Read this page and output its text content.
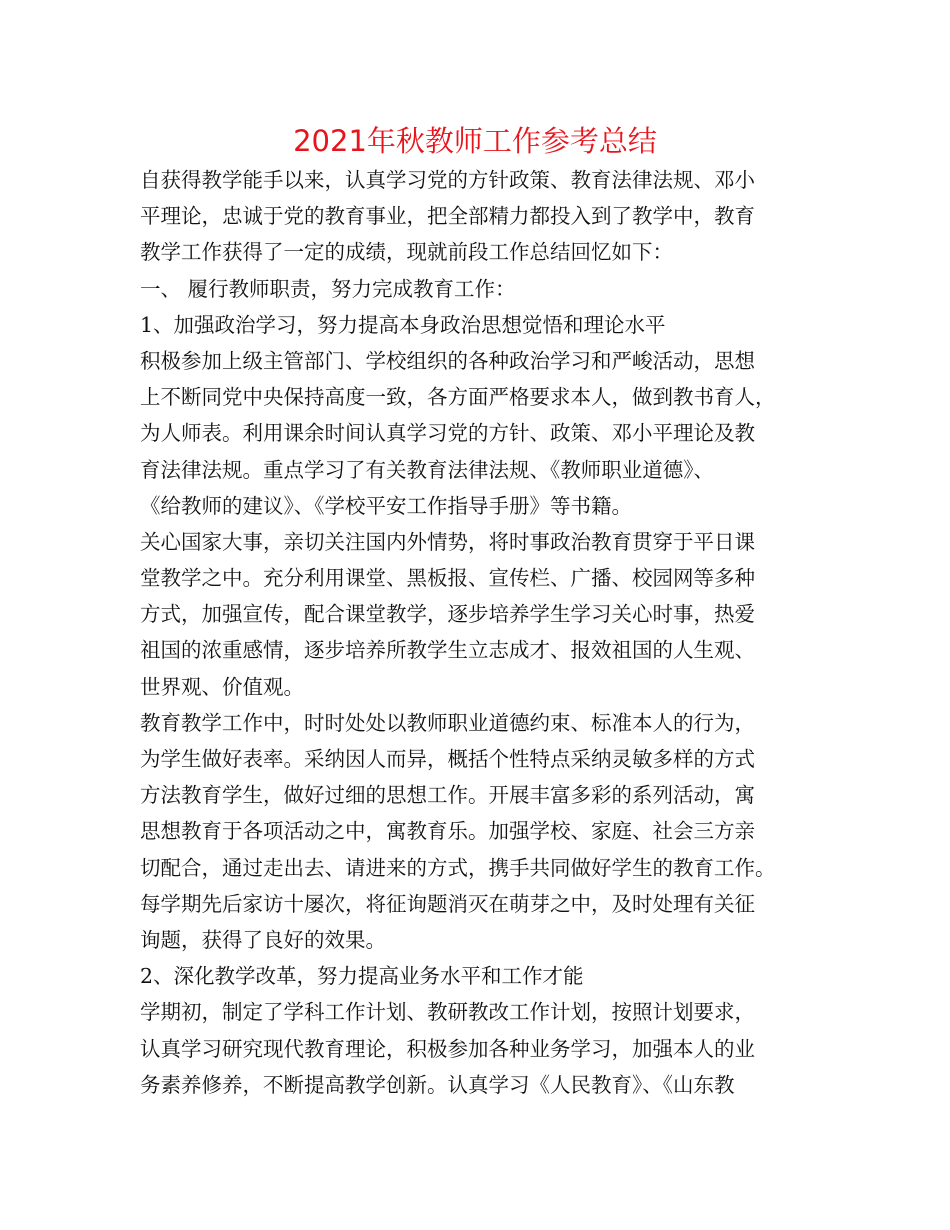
2021年秋教师工作参考总结
自获得教学能手以来，认真学习党的方针政策、教育法律法规、邓小
平理论，忠诚于党的教育事业，把全部精力都投入到了教学中，教育
教学工作获得了一定的成绩，现就前段工作总结回忆如下：
一、 履行教师职责，努力完成教育工作：
1、加强政治学习，努力提高本身政治思想觉悟和理论水平
积极参加上级主管部门、学校组织的各种政治学习和严峻活动，思想
上不断同党中央保持高度一致，各方面严格要求本人，做到教书育人，
为人师表。利用课余时间认真学习党的方针、政策、邓小平理论及教
育法律法规。重点学习了有关教育法律法规、《教师职业道德》、
《给教师的建议》、《学校平安工作指导手册》等书籍。
关心国家大事，亲切关注国内外情势，将时事政治教育贯穿于平日课
堂教学之中。充分利用课堂、黑板报、宣传栏、广播、校园网等多种
方式，加强宣传，配合课堂教学，逐步培养学生学习关心时事，热爱
祖国的浓重感情，逐步培养所教学生立志成才、报效祖国的人生观、
世界观、价值观。
教育教学工作中，时时处处以教师职业道德约束、标准本人的行为，
为学生做好表率。采纳因人而异，概括个性特点采纳灵敏多样的方式
方法教育学生，做好过细的思想工作。开展丰富多彩的系列活动，寓
思想教育于各项活动之中，寓教育乐。加强学校、家庭、社会三方亲
切配合，通过走出去、请进来的方式，携手共同做好学生的教育工作。
每学期先后家访十屡次，将征询题消灭在萌芽之中，及时处理有关征
询题，获得了良好的效果。
2、深化教学改革，努力提高业务水平和工作才能
学期初，制定了学科工作计划、教研教改工作计划，按照计划要求，
认真学习研究现代教育理论，积极参加各种业务学习，加强本人的业
务素养修养，不断提高教学创新。认真学习《人民教育》、《山东教
